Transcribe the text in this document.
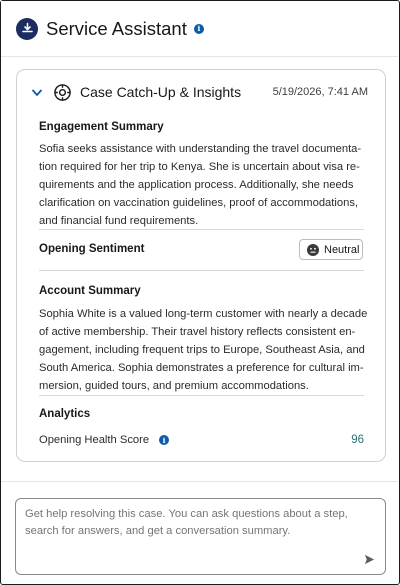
Service Assistant	i
Case Catch-Up & Insights	5/19/2026, 7:41 AM
Engagement Summary
Sofia seeks assistance with understanding the travel documenta-
tion required for her trip to Kenya. She is uncertain about visa re-
quirements and the application process. Additionally, she needs
clarification on vaccination guidelines, proof of accommodations,
and financial fund requirements.
Opening Sentiment	Neutral
Account Summary
Sophia White is a valued long-term customer with nearly a decade
of active membership. Their travel history reflects consistent en-
gagement, including frequent trips to Europe, Southeast Asia, and
South America. Sophia demonstrates a preference for cultural im-
mersion, guided tours, and premium accommodations.
Analytics
Opening Health Score	i	96
Get help resolving this case. You can ask questions about a step, search for answers, and get a conversation summary.
